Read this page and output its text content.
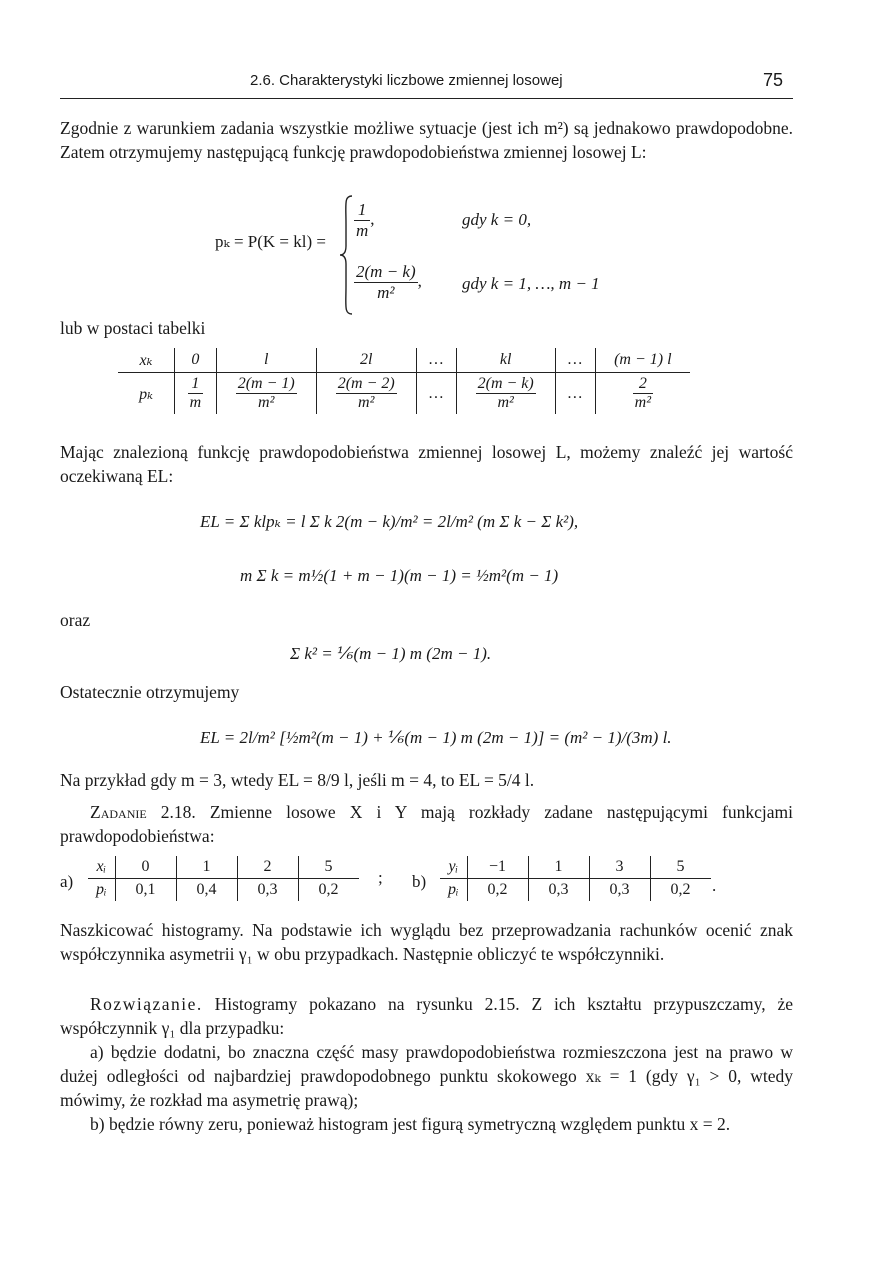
2.6. Charakterystyki liczbowe zmiennej losowej	75
Zgodnie z warunkiem zadania wszystkie możliwe sytuacje (jest ich m²) są jednakowo prawdopodobne. Zatem otrzymujemy następującą funkcję prawdopodobieństwa zmiennej losowej L:
pₖ = P(K = kl) =
$\frac{1}{m}$ ,	gdy k = 0,
$\frac{2(m - k)}{\text{m²}}$ , gdy k = 1, …, m − 1
lub w postaci tabelki
xₖ	0	l	2l	…	kl	…	(m − 1) l
pₖ	$\frac{1}{m}$	$\frac{2(m - 1)}{\text{m²}}$	$\frac{2(m - 2)}{\text{m²}}$	…	$\frac{2(m - k)}{\text{m²}}$	…	$\frac{2}{\text{m²}}$
Mając znalezioną funkcję prawdopodobieństwa zmiennej losowej L, możemy znaleźć jej wartość oczekiwaną EL:
EL = Σ klpₖ = l Σ k 2(m − k)/m² = 2l/m² (m Σ k − Σ k²),
m Σ k = m½(1 + m − 1)(m − 1) = ½m²(m − 1)
oraz
Σ k² = ⅙(m − 1) m (2m − 1).
Ostatecznie otrzymujemy
EL = 2l/m² [½m²(m − 1) + ⅙(m − 1) m (2m − 1)] = (m² − 1)/(3m) l.
Na przykład gdy m = 3, wtedy EL = 8/9 l, jeśli m = 4, to EL = 5/4 l.
Zadanie 2.18. Zmienne losowe X i Y mają rozkłady zadane następującymi funkcjami prawdopodobieństwa:
a)
xᵢ	0	1	2	5
pᵢ	0,1	0,4	0,3	0,2
; b)
yᵢ	−1	1	3	5
pᵢ	0,2	0,3	0,3	0,2 .
Naszkicować histogramy. Na podstawie ich wyglądu bez przeprowadzania rachunków ocenić znak współczynnika asymetrii γ₁ w obu przypadkach. Następnie obliczyć te współczynniki.
Rozwiązanie. Histogramy pokazano na rysunku 2.15. Z ich kształtu przypuszczamy, że współczynnik γ₁ dla przypadku:
a) będzie dodatni, bo znaczna część masy prawdopodobieństwa rozmieszczona jest na prawo w dużej odległości od najbardziej prawdopodobnego punktu skokowego xₖ = 1 (gdy γ₁ > 0, wtedy mówimy, że rozkład ma asymetrię prawą);
b) będzie równy zeru, ponieważ histogram jest figurą symetryczną względem punktu x = 2.
